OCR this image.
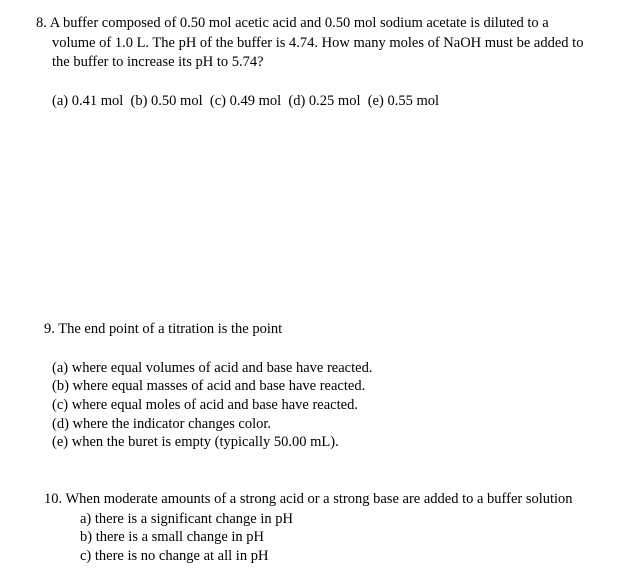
8. A buffer composed of 0.50 mol acetic acid and 0.50 mol sodium acetate is diluted to a
volume of 1.0 L. The pH of the buffer is 4.74. How many moles of NaOH must be added to
the buffer to increase its pH to 5.74?
(a) 0.41 mol  (b) 0.50 mol  (c) 0.49 mol  (d) 0.25 mol  (e) 0.55 mol
9. The end point of a titration is the point
(a) where equal volumes of acid and base have reacted.
(b) where equal masses of acid and base have reacted.
(c) where equal moles of acid and base have reacted.
(d) where the indicator changes color.
(e) when the buret is empty (typically 50.00 mL).
10. When moderate amounts of a strong acid or a strong base are added to a buffer solution
a) there is a significant change in pH
b) there is a small change in pH
c) there is no change at all in pH
